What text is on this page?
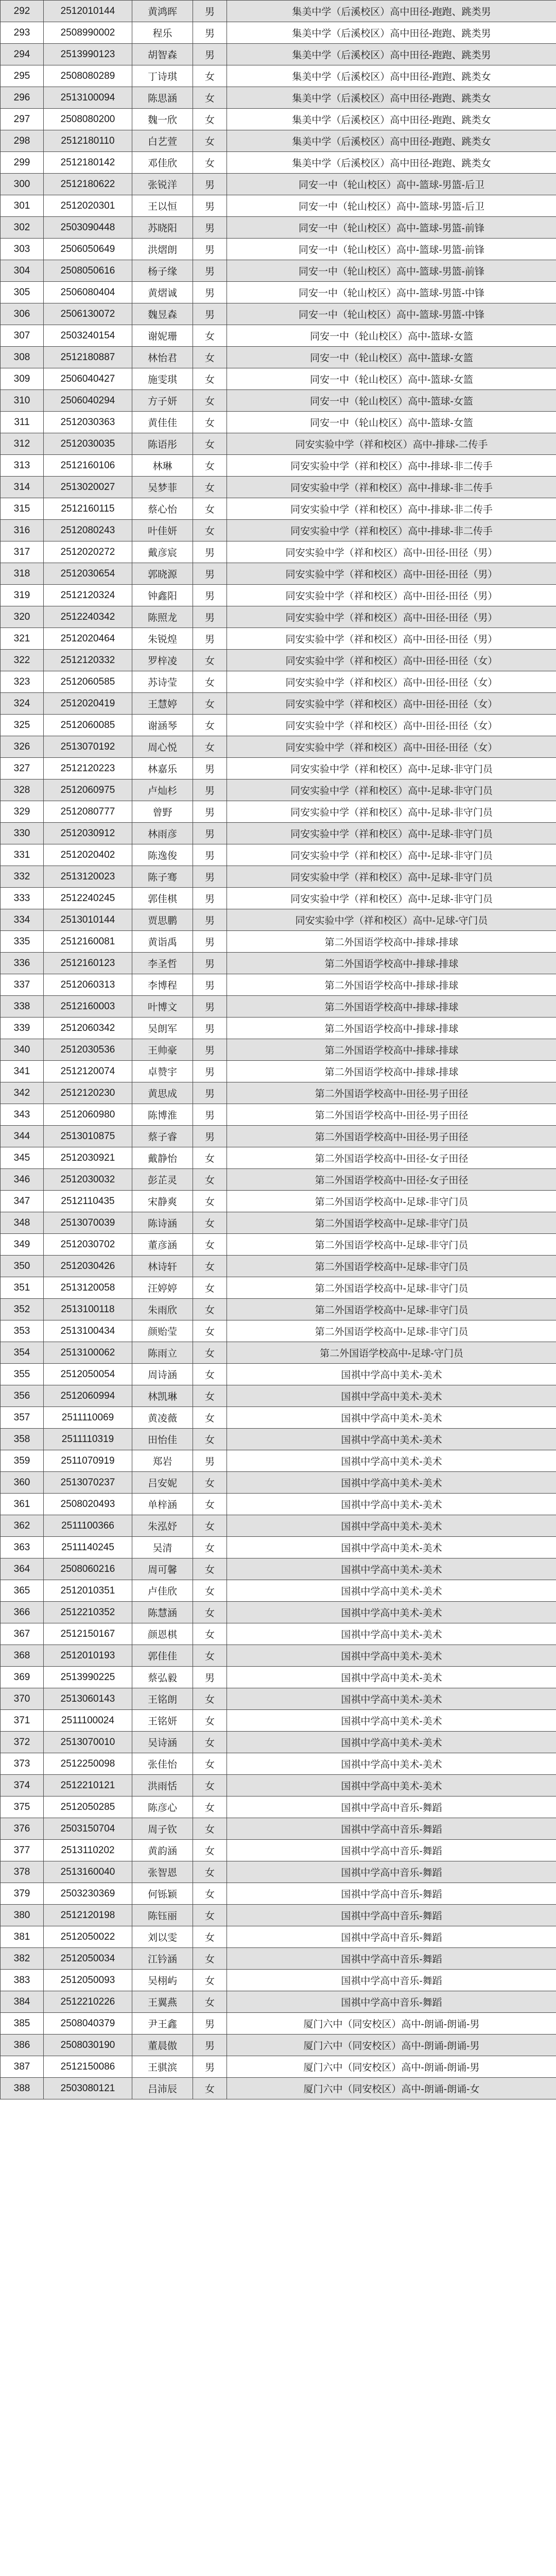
292	2512010144	黄鸿晖	男	集美中学（后溪校区）高中田径-跑跑、跳类男
293	2508990002	程乐	男	集美中学（后溪校区）高中田径-跑跑、跳类男
294	2513990123	胡智森	男	集美中学（后溪校区）高中田径-跑跑、跳类男
295	2508080289	丁诗琪	女	集美中学（后溪校区）高中田径-跑跑、跳类女
296	2513100094	陈思涵	女	集美中学（后溪校区）高中田径-跑跑、跳类女
297	2508080200	魏一欣	女	集美中学（后溪校区）高中田径-跑跑、跳类女
298	2512180110	白艺萱	女	集美中学（后溪校区）高中田径-跑跑、跳类女
299	2512180142	邓佳欣	女	集美中学（后溪校区）高中田径-跑跑、跳类女
300	2512180622	张锐洋	男	同安一中（轮山校区）高中-篮球-男篮-后卫
301	2512020301	王以恒	男	同安一中（轮山校区）高中-篮球-男篮-后卫
302	2503090448	苏晓阳	男	同安一中（轮山校区）高中-篮球-男篮-前锋
303	2506050649	洪熠朗	男	同安一中（轮山校区）高中-篮球-男篮-前锋
304	2508050616	杨子缘	男	同安一中（轮山校区）高中-篮球-男篮-前锋
305	2506080404	黄熠诚	男	同安一中（轮山校区）高中-篮球-男篮-中锋
306	2506130072	魏昱森	男	同安一中（轮山校区）高中-篮球-男篮-中锋
307	2503240154	谢妮珊	女	同安一中（轮山校区）高中-篮球-女篮
308	2512180887	林怡君	女	同安一中（轮山校区）高中-篮球-女篮
309	2506040427	施雯琪	女	同安一中（轮山校区）高中-篮球-女篮
310	2506040294	方子妍	女	同安一中（轮山校区）高中-篮球-女篮
311	2512030363	黄佳佳	女	同安一中（轮山校区）高中-篮球-女篮
312	2512030035	陈语彤	女	同安实验中学（祥和校区）高中-排球-二传手
313	2512160106	林琳	女	同安实验中学（祥和校区）高中-排球-非二传手
314	2513020027	吴梦菲	女	同安实验中学（祥和校区）高中-排球-非二传手
315	2512160115	蔡心怡	女	同安实验中学（祥和校区）高中-排球-非二传手
316	2512080243	叶佳妍	女	同安实验中学（祥和校区）高中-排球-非二传手
317	2512020272	戴彦宸	男	同安实验中学（祥和校区）高中-田径-田径（男）
318	2512030654	郭晓源	男	同安实验中学（祥和校区）高中-田径-田径（男）
319	2512120324	钟鑫阳	男	同安实验中学（祥和校区）高中-田径-田径（男）
320	2512240342	陈照龙	男	同安实验中学（祥和校区）高中-田径-田径（男）
321	2512020464	朱锐煌	男	同安实验中学（祥和校区）高中-田径-田径（男）
322	2512120332	罗梓凌	女	同安实验中学（祥和校区）高中-田径-田径（女）
323	2512060585	苏诗莹	女	同安实验中学（祥和校区）高中-田径-田径（女）
324	2512020419	王慧婷	女	同安实验中学（祥和校区）高中-田径-田径（女）
325	2512060085	谢涵琴	女	同安实验中学（祥和校区）高中-田径-田径（女）
326	2513070192	周心悦	女	同安实验中学（祥和校区）高中-田径-田径（女）
327	2512120223	林嘉乐	男	同安实验中学（祥和校区）高中-足球-非守门员
328	2512060975	卢灿杉	男	同安实验中学（祥和校区）高中-足球-非守门员
329	2512080777	曾野	男	同安实验中学（祥和校区）高中-足球-非守门员
330	2512030912	林雨彦	男	同安实验中学（祥和校区）高中-足球-非守门员
331	2512020402	陈逸俊	男	同安实验中学（祥和校区）高中-足球-非守门员
332	2513120023	陈子骞	男	同安实验中学（祥和校区）高中-足球-非守门员
333	2512240245	郭佳棋	男	同安实验中学（祥和校区）高中-足球-非守门员
334	2513010144	贾思鹏	男	同安实验中学（祥和校区）高中-足球-守门员
335	2512160081	黄诣禹	男	第二外国语学校高中-排球-排球
336	2512160123	李圣哲	男	第二外国语学校高中-排球-排球
337	2512060313	李博程	男	第二外国语学校高中-排球-排球
338	2512160003	叶博文	男	第二外国语学校高中-排球-排球
339	2512060342	吴朗军	男	第二外国语学校高中-排球-排球
340	2512030536	王帅豪	男	第二外国语学校高中-排球-排球
341	2512120074	卓赞宇	男	第二外国语学校高中-排球-排球
342	2512120230	黄思成	男	第二外国语学校高中-田径-男子田径
343	2512060980	陈博淮	男	第二外国语学校高中-田径-男子田径
344	2513010875	蔡子睿	男	第二外国语学校高中-田径-男子田径
345	2512030921	戴静怡	女	第二外国语学校高中-田径-女子田径
346	2512030032	彭芷灵	女	第二外国语学校高中-田径-女子田径
347	2512110435	宋静爽	女	第二外国语学校高中-足球-非守门员
348	2513070039	陈诗涵	女	第二外国语学校高中-足球-非守门员
349	2512030702	董彦涵	女	第二外国语学校高中-足球-非守门员
350	2512030426	林诗轩	女	第二外国语学校高中-足球-非守门员
351	2513120058	汪婷婷	女	第二外国语学校高中-足球-非守门员
352	2513100118	朱雨欣	女	第二外国语学校高中-足球-非守门员
353	2513100434	颜贻莹	女	第二外国语学校高中-足球-非守门员
354	2513100062	陈雨立	女	第二外国语学校高中-足球-守门员
355	2512050054	周诗涵	女	国祺中学高中美术-美术
356	2512060994	林凯琳	女	国祺中学高中美术-美术
357	2511110069	黄凌薇	女	国祺中学高中美术-美术
358	2511110319	田怡佳	女	国祺中学高中美术-美术
359	2511070919	郑岩	男	国祺中学高中美术-美术
360	2513070237	吕安妮	女	国祺中学高中美术-美术
361	2508020493	单梓涵	女	国祺中学高中美术-美术
362	2511100366	朱泓妤	女	国祺中学高中美术-美术
363	2511140245	吴清	女	国祺中学高中美术-美术
364	2508060216	周可馨	女	国祺中学高中美术-美术
365	2512010351	卢佳欣	女	国祺中学高中美术-美术
366	2512210352	陈慧涵	女	国祺中学高中美术-美术
367	2512150167	颜恩棋	女	国祺中学高中美术-美术
368	2512010193	郭佳佳	女	国祺中学高中美术-美术
369	2513990225	蔡弘毅	男	国祺中学高中美术-美术
370	2513060143	王铭朗	女	国祺中学高中美术-美术
371	2511100024	王铭妍	女	国祺中学高中美术-美术
372	2513070010	吴诗涵	女	国祺中学高中美术-美术
373	2512250098	张佳怡	女	国祺中学高中美术-美术
374	2512210121	洪雨恬	女	国祺中学高中美术-美术
375	2512050285	陈彦心	女	国祺中学高中音乐-舞蹈
376	2503150704	周子钦	女	国祺中学高中音乐-舞蹈
377	2513110202	黄韵涵	女	国祺中学高中音乐-舞蹈
378	2513160040	张智恩	女	国祺中学高中音乐-舞蹈
379	2503230369	何铄颖	女	国祺中学高中音乐-舞蹈
380	2512120198	陈钰丽	女	国祺中学高中音乐-舞蹈
381	2512050022	刘以雯	女	国祺中学高中音乐-舞蹈
382	2512050034	江钤涵	女	国祺中学高中音乐-舞蹈
383	2512050093	吴栩屿	女	国祺中学高中音乐-舞蹈
384	2512210226	王翼燕	女	国祺中学高中音乐-舞蹈
385	2508040379	尹王鑫	男	厦门六中（同安校区）高中-朗诵-朗诵-男
386	2508030190	董晨傲	男	厦门六中（同安校区）高中-朗诵-朗诵-男
387	2512150086	王骐滨	男	厦门六中（同安校区）高中-朗诵-朗诵-男
388	2503080121	吕沛辰	女	厦门六中（同安校区）高中-朗诵-朗诵-女
